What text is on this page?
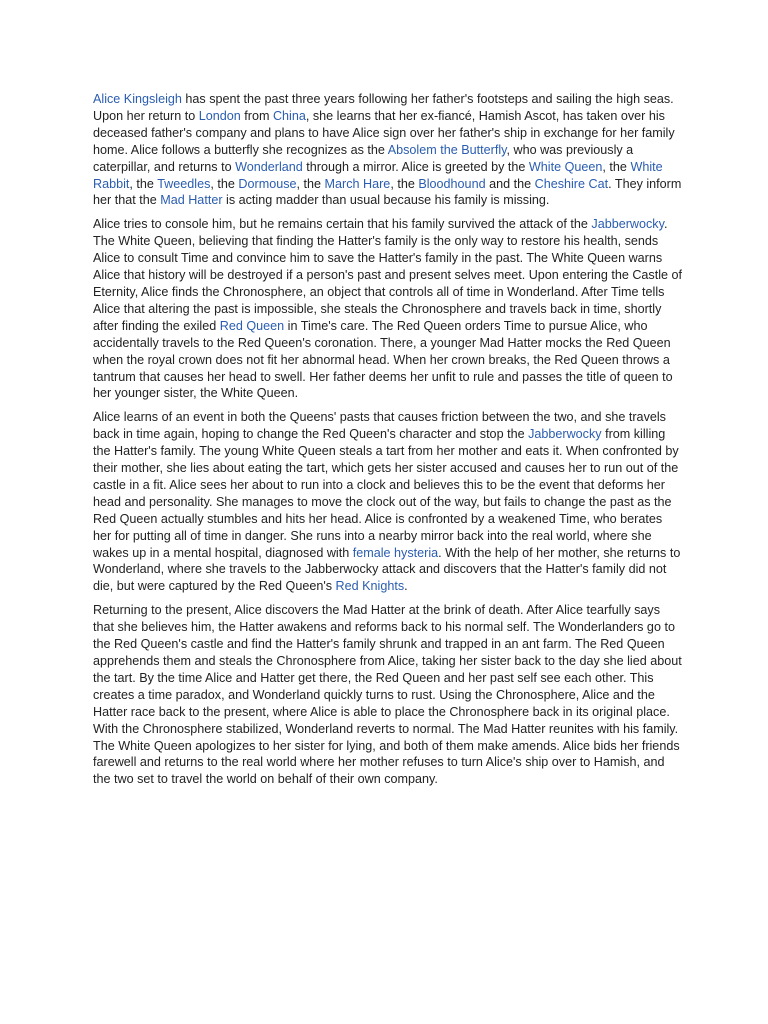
Alice Kingsleigh has spent the past three years following her father's footsteps and sailing the high seas. Upon her return to London from China, she learns that her ex-fiancé, Hamish Ascot, has taken over his deceased father's company and plans to have Alice sign over her father's ship in exchange for her family home. Alice follows a butterfly she recognizes as the Absolem the Butterfly, who was previously a caterpillar, and returns to Wonderland through a mirror. Alice is greeted by the White Queen, the White Rabbit, the Tweedles, the Dormouse, the March Hare, the Bloodhound and the Cheshire Cat. They inform her that the Mad Hatter is acting madder than usual because his family is missing.

Alice tries to console him, but he remains certain that his family survived the attack of the Jabberwocky. The White Queen, believing that finding the Hatter's family is the only way to restore his health, sends Alice to consult Time and convince him to save the Hatter's family in the past. The White Queen warns Alice that history will be destroyed if a person's past and present selves meet. Upon entering the Castle of Eternity, Alice finds the Chronosphere, an object that controls all of time in Wonderland. After Time tells Alice that altering the past is impossible, she steals the Chronosphere and travels back in time, shortly after finding the exiled Red Queen in Time's care. The Red Queen orders Time to pursue Alice, who accidentally travels to the Red Queen's coronation. There, a younger Mad Hatter mocks the Red Queen when the royal crown does not fit her abnormal head. When her crown breaks, the Red Queen throws a tantrum that causes her head to swell. Her father deems her unfit to rule and passes the title of queen to her younger sister, the White Queen.

Alice learns of an event in both the Queens' pasts that causes friction between the two, and she travels back in time again, hoping to change the Red Queen's character and stop the Jabberwocky from killing the Hatter's family. The young White Queen steals a tart from her mother and eats it. When confronted by their mother, she lies about eating the tart, which gets her sister accused and causes her to run out of the castle in a fit. Alice sees her about to run into a clock and believes this to be the event that deforms her head and personality. She manages to move the clock out of the way, but fails to change the past as the Red Queen actually stumbles and hits her head. Alice is confronted by a weakened Time, who berates her for putting all of time in danger. She runs into a nearby mirror back into the real world, where she wakes up in a mental hospital, diagnosed with female hysteria. With the help of her mother, she returns to Wonderland, where she travels to the Jabberwocky attack and discovers that the Hatter's family did not die, but were captured by the Red Queen's Red Knights.

Returning to the present, Alice discovers the Mad Hatter at the brink of death. After Alice tearfully says that she believes him, the Hatter awakens and reforms back to his normal self. The Wonderlanders go to the Red Queen's castle and find the Hatter's family shrunk and trapped in an ant farm. The Red Queen apprehends them and steals the Chronosphere from Alice, taking her sister back to the day she lied about the tart. By the time Alice and Hatter get there, the Red Queen and her past self see each other. This creates a time paradox, and Wonderland quickly turns to rust. Using the Chronosphere, Alice and the Hatter race back to the present, where Alice is able to place the Chronosphere back in its original place. With the Chronosphere stabilized, Wonderland reverts to normal. The Mad Hatter reunites with his family. The White Queen apologizes to her sister for lying, and both of them make amends. Alice bids her friends farewell and returns to the real world where her mother refuses to turn Alice's ship over to Hamish, and the two set to travel the world on behalf of their own company.
